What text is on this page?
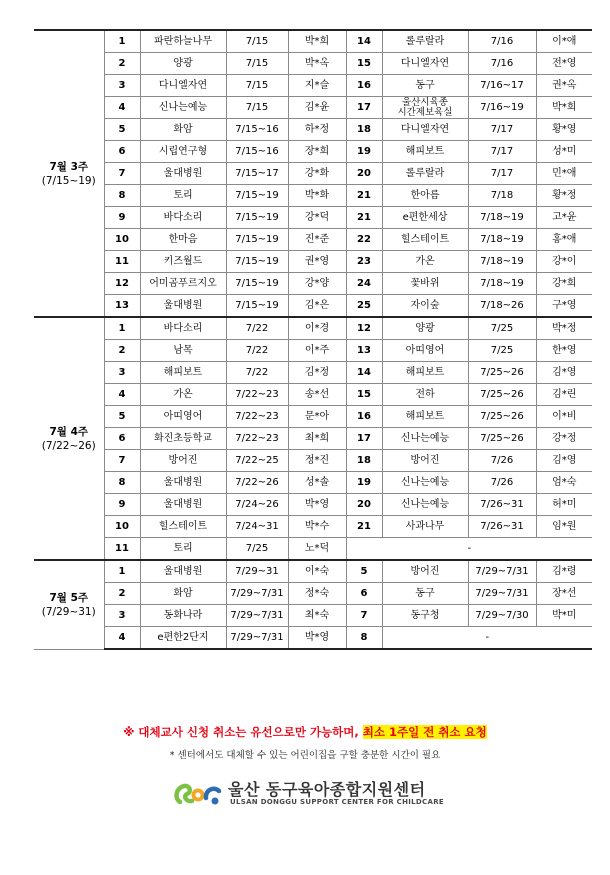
7월 3주
(7/15~19)	1	파란하늘나무	7/15	박*희	14	롤루랄라	7/16	이*애
	2	양광	7/15	박*옥	15	다니엘자연	7/16	전*영
	3	다니엘자연	7/15	지*슬	16	동구	7/16~17	권*옥
	4	신나는예능	7/15	김*윤	17	울산시육종
시간제보육실	7/16~19	박*희
	5	화암	7/15~16	하*정	18	다니엘자연	7/17	황*영
	6	시립연구형	7/15~16	장*희	19	해피보트	7/17	성*미
	7	울대병원	7/15~17	강*화	20	롤루랄라	7/17	민*애
	8	토리	7/15~19	박*화	21	한아름	7/18	황*정
	9	바다소리	7/15~19	강*덕	21	e편한세상	7/18~19	고*윤
	10	한마음	7/15~19	진*준	22	힐스테이트	7/18~19	홍*애
	11	키즈월드	7/15~19	권*영	23	가온	7/18~19	강*이
	12	어미곰푸르지오	7/15~19	강*양	24	꽃바위	7/18~19	강*희
	13	울대병원	7/15~19	김*은	25	자이숲	7/18~26	구*영

7월 4주
(7/22~26)	1	바다소리	7/22	이*경	12	양광	7/25	박*정
	2	남목	7/22	이*주	13	아띠영어	7/25	한*영
	3	해피보트	7/22	김*정	14	해피보트	7/25~26	김*영
	4	가온	7/22~23	송*선	15	전하	7/25~26	김*린
	5	아띠영어	7/22~23	문*아	16	해피보트	7/25~26	이*비
	6	화진초등학교	7/22~23	최*희	17	신나는예능	7/25~26	강*정
	7	방어진	7/22~25	정*진	18	방어진	7/26	김*영
	8	울대병원	7/22~26	성*솔	19	신나는예능	7/26	엄*숙
	9	울대병원	7/24~26	박*영	20	신나는예능	7/26~31	허*미
	10	힐스테이트	7/24~31	박*수	21	사과나무	7/26~31	임*원
	11	토리	7/25	노*덕	-			

7월 5주
(7/29~31)	1	울대병원	7/29~31	이*숙	5	방어진	7/29~7/31	김*령
	2	화암	7/29~7/31	정*숙	6	동구	7/29~7/31	장*선
	3	동화나라	7/29~7/31	최*숙	7	동구청	7/29~7/30	박*미
	4	e편한2단지	7/29~7/31	박*영	8	-		
※ 대체교사 신청 취소는 유선으로만 가능하며, 최소 1주일 전 취소 요청
* 센터에서도 대체할 수 있는 어린이집을 구할 충분한 시간이 필요
울산 동구육아종합지원센터
ULSAN DONGGU SUPPORT CENTER FOR CHILDCARE
